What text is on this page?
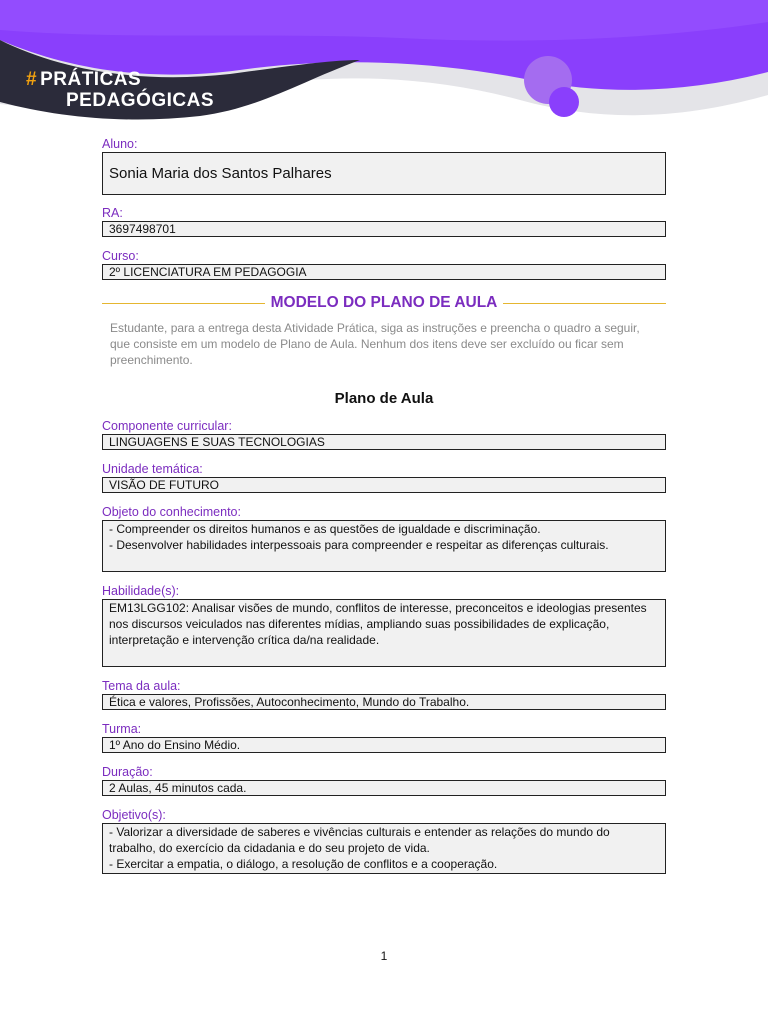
# PRÁTICAS
PEDAGÓGICAS

Aluno:

Sonia Maria dos Santos Palhares

RA:

3697498701

Curso:

2º LICENCIATURA EM PEDAGOGIA
MODELO DO PLANO DE AULA

Estudante, para a entrega desta Atividade Prática, siga as instruções e preencha o quadro a seguir, que consiste em um modelo de Plano de Aula. Nenhum dos itens deve ser excluído ou ficar sem preenchimento.

Plano de Aula

Componente curricular:

LINGUAGENS E SUAS TECNOLOGIAS

Unidade temática:

VISÃO DE FUTURO

Objeto do conhecimento:

- Compreender os direitos humanos e as questões de igualdade e discriminação.
- Desenvolver habilidades interpessoais para compreender e respeitar as diferenças culturais.

Habilidade(s):

EM13LGG102: Analisar visões de mundo, conflitos de interesse, preconceitos e ideologias presentes nos discursos veiculados nas diferentes mídias, ampliando suas possibilidades de explicação, interpretação e intervenção crítica da/na realidade.

Tema da aula:

Ética e valores, Profissões, Autoconhecimento, Mundo do Trabalho.

Turma:

1º Ano do Ensino Médio.

Duração:

2 Aulas, 45 minutos cada.

Objetivo(s):

- Valorizar a diversidade de saberes e vivências culturais e entender as relações do mundo do trabalho, do exercício da cidadania e do seu projeto de vida.
- Exercitar a empatia, o diálogo, a resolução de conflitos e a cooperação.
1
